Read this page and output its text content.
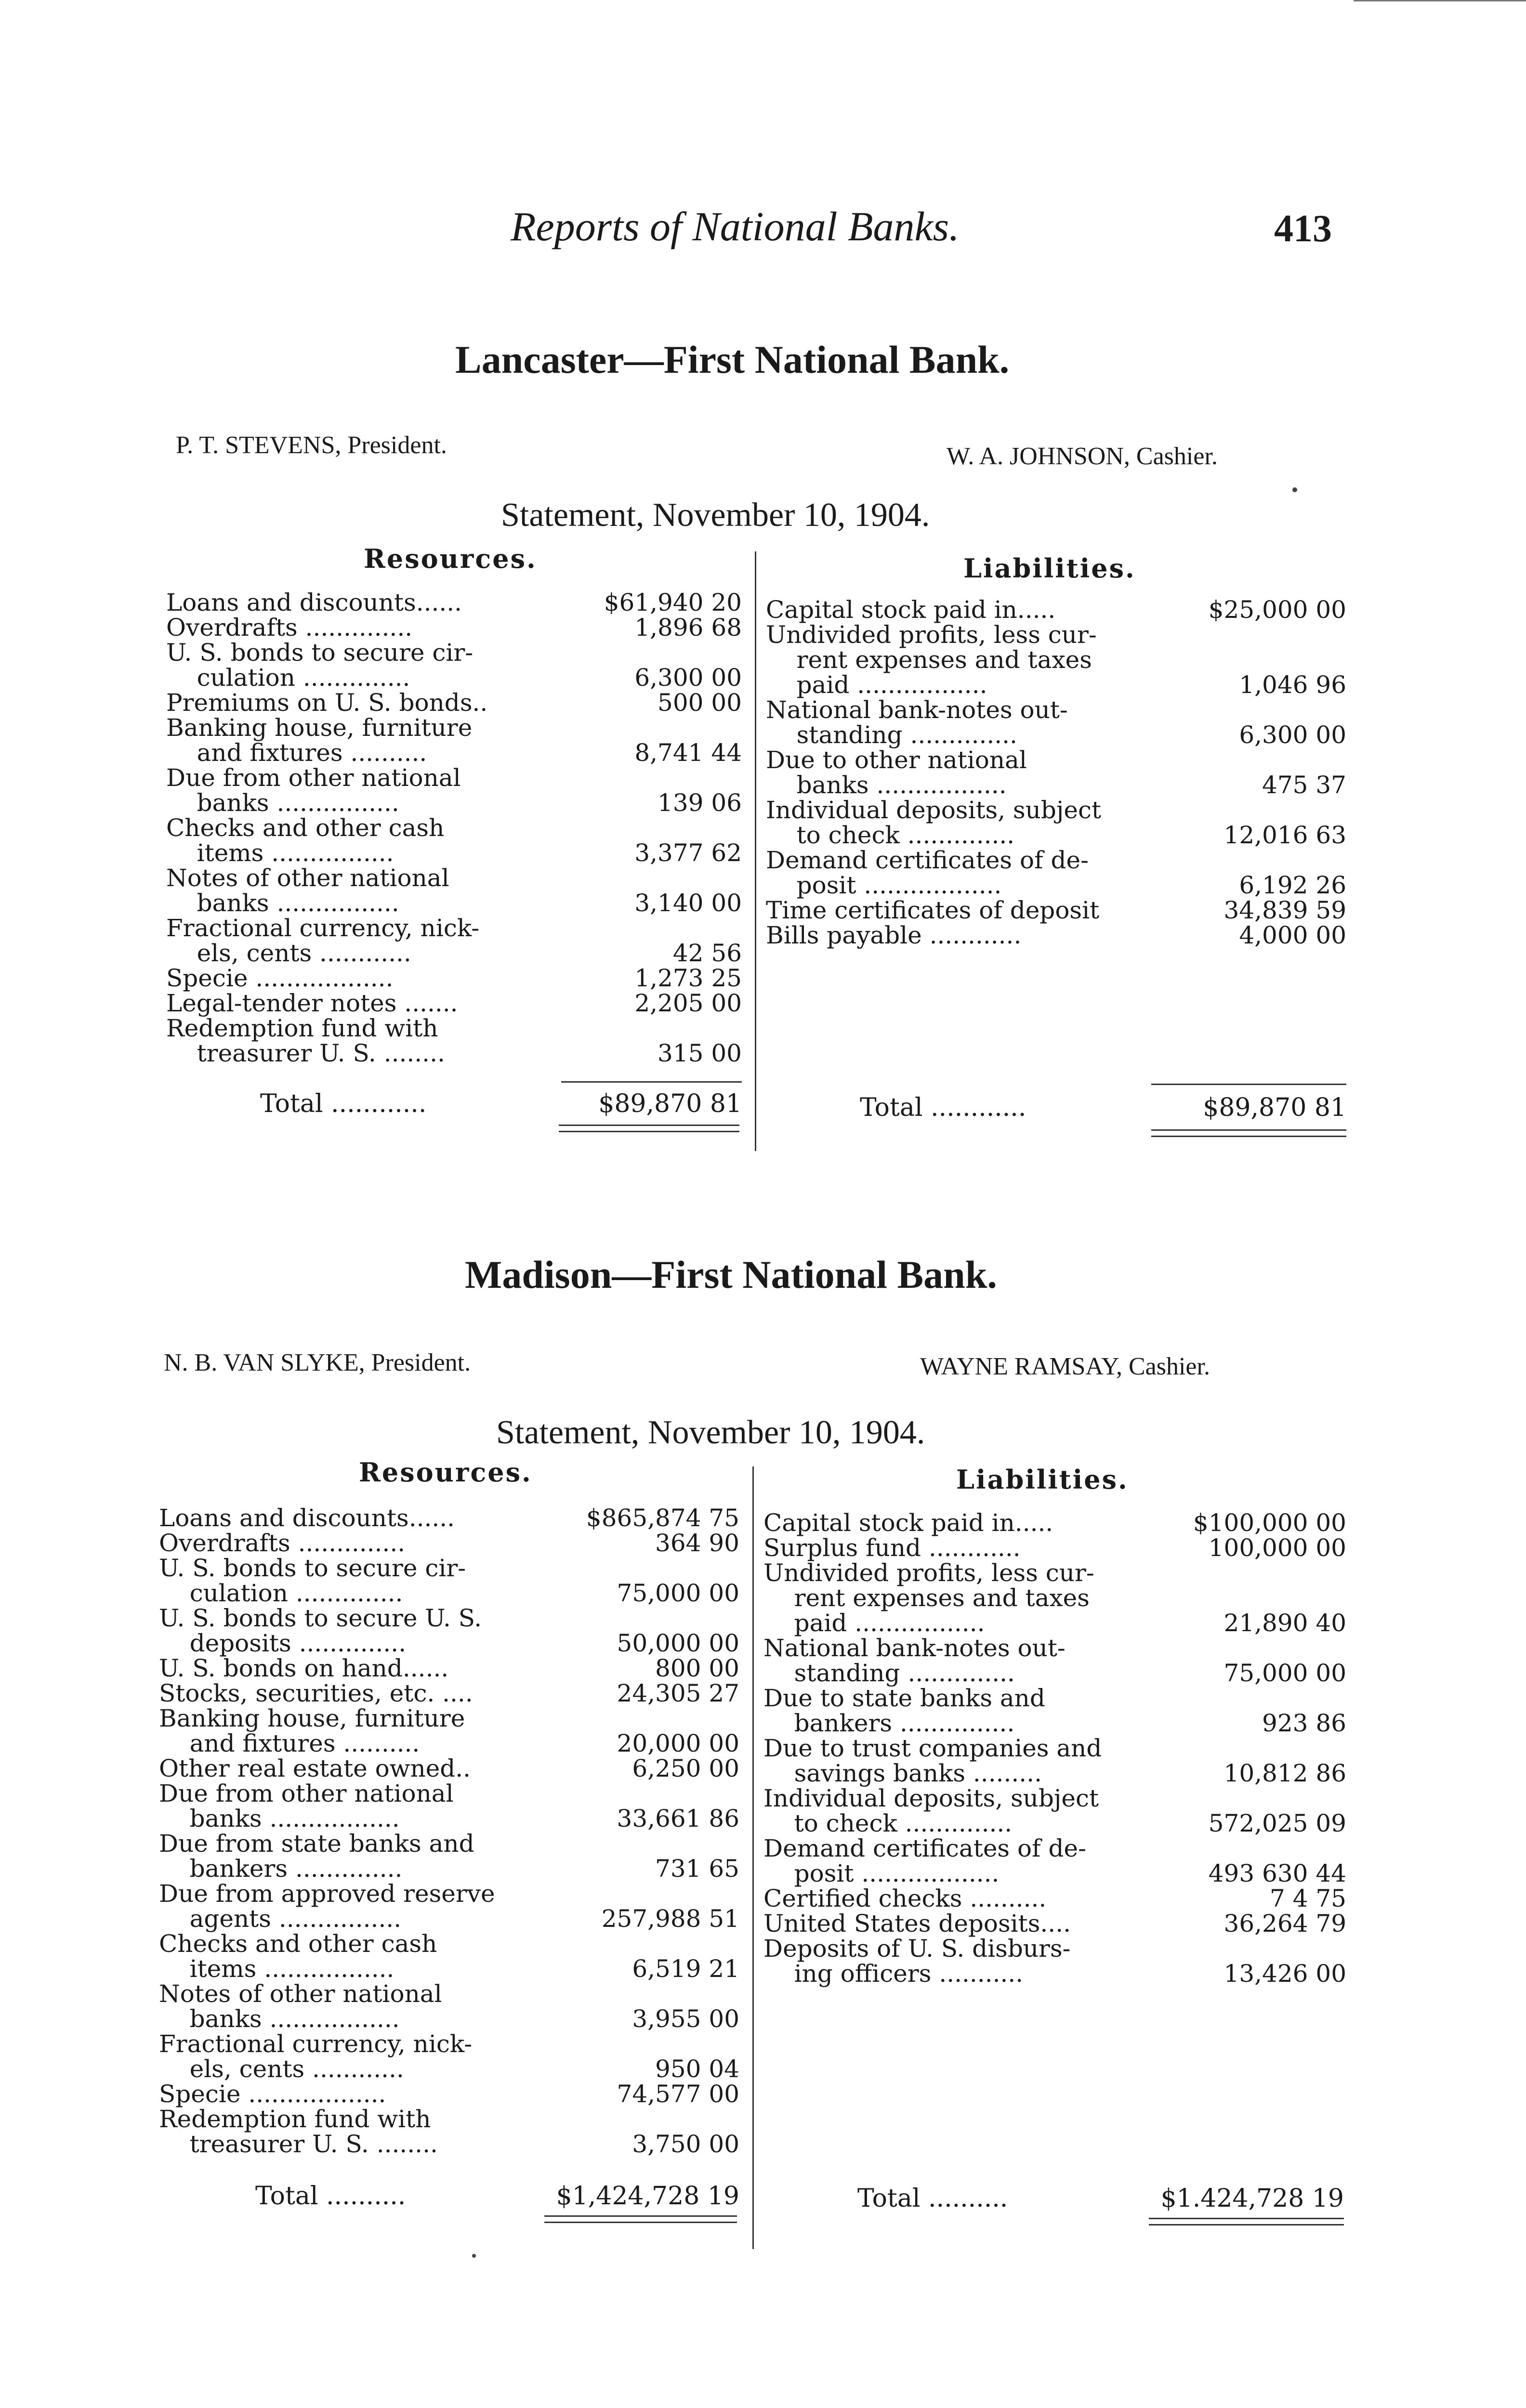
Reports of National Banks.	413
Lancaster—First National Bank.
P. T. STEVENS, President.	W. A. JOHNSON, Cashier.
Statement, November 10, 1904.
Resources.	Liabilities.
Loans and discounts......	$61,940 20
Overdrafts ..............	1,896 68
U. S. bonds to secure cir-
culation ..............	6,300 00
Premiums on U. S. bonds..	500 00
Banking house, furniture
and fixtures ..........	8,741 44
Due from other national
banks ................	139 06
Checks and other cash
items ................	3,377 62
Notes of other national
banks ................	3,140 00
Fractional currency, nick-
els, cents ............	42 56
Specie ..................	1,273 25
Legal-tender notes .......	2,205 00
Redemption fund with
treasurer U. S. ........	315 00
Capital stock paid in.....	$25,000 00
Undivided profits, less cur-
rent expenses and taxes
paid .................	1,046 96
National bank-notes out-
standing ..............	6,300 00
Due to other national
banks .................	475 37
Individual deposits, subject
to check ..............	12,016 63
Demand certificates of de-
posit ..................	6,192 26
Time certificates of deposit	34,839 59
Bills payable ............	4,000 00
Total ............	$89,870 81	Total ............	$89,870 81
Madison—First National Bank.
N. B. VAN SLYKE, President.	WAYNE RAMSAY, Cashier.
Statement, November 10, 1904.
Resources.	Liabilities.
Loans and discounts......	$865,874 75
Overdrafts ..............	364 90
U. S. bonds to secure cir-
culation ..............	75,000 00
U. S. bonds to secure U. S.
deposits ..............	50,000 00
U. S. bonds on hand......	800 00
Stocks, securities, etc. ....	24,305 27
Banking house, furniture
and fixtures ..........	20,000 00
Other real estate owned..	6,250 00
Due from other national
banks .................	33,661 86
Due from state banks and
bankers ..............	731 65
Due from approved reserve
agents ................	257,988 51
Checks and other cash
items .................	6,519 21
Notes of other national
banks .................	3,955 00
Fractional currency, nick-
els, cents ............	950 04
Specie ..................	74,577 00
Redemption fund with
treasurer U. S. ........	3,750 00
Capital stock paid in.....	$100,000 00
Surplus fund ............	100,000 00
Undivided profits, less cur-
rent expenses and taxes
paid .................	21,890 40
National bank-notes out-
standing ..............	75,000 00
Due to state banks and
bankers ...............	923 86
Due to trust companies and
savings banks .........	10,812 86
Individual deposits, subject
to check ..............	572,025 09
Demand certificates of de-
posit ..................	493 630 44
Certified checks ..........	7 4 75
United States deposits....	36,264 79
Deposits of U. S. disburs-
ing officers ...........	13,426 00
Total ..........	$1,424,728 19	Total ..........	$1.424,728 19
